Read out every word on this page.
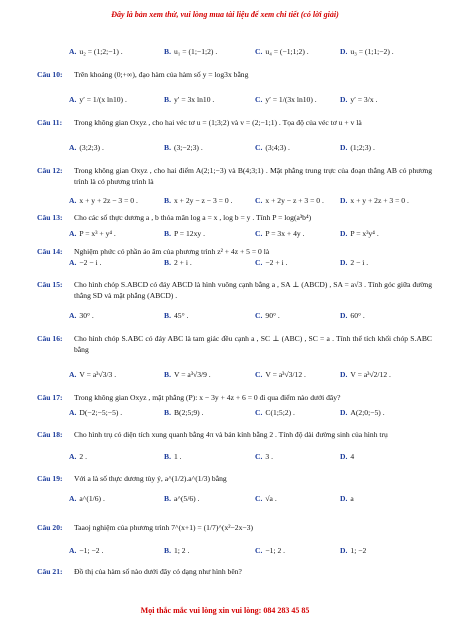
Đây là bản xem thử, vui lòng mua tài liệu để xem chi tiết (có lời giải)
A. u₂ = (1;2;−1) .	B. u₁ = (1;−1;2) .	C. u₄ = (−1;1;2) .	D. u₃ = (1;1;−2) .
Câu 10: Trên khoảng (0;+∞), đạo hàm của hàm số y = log3x bằng
A. y′ = 1/(x ln10) .	B. y′ = 3x ln10 .	C. y′ = 1/(3x ln10) .	D. y′ = 3/x .
Câu 11: Trong không gian Oxyz , cho hai véc tơ u = (1;3;2) và v = (2;−1;1) . Tọa độ của véc tơ u + v là
A. (3;2;3) .	B. (3;−2;3) .	C. (3;4;3) .	D. (1;2;3) .
Câu 12: Trong không gian Oxyz , cho hai điểm A(2;1;−3) và B(4;3;1) . Mặt phẳng trung trực của đoạn thẳng AB có phương trình là có phương trình là
A. x + y + 2z − 3 = 0 .	B. x + 2y − z − 3 = 0 .	C. x + 2y − z + 3 = 0 . D. x + y + 2z + 3 = 0 .
Câu 13: Cho các số thực dương a , b thỏa mãn log a = x , log b = y . Tính P = log(a³b⁴)
A. P = x³ + y⁴ .	B. P = 12xy .	C. P = 3x + 4y .	D. P = x³y⁴ .
Câu 14: Nghiệm phức có phần ảo âm của phương trình z² + 4z + 5 = 0 là
A. −2 − i .	B. 2 + i .	C. −2 + i .	D. 2 − i .
Câu 15: Cho hình chóp S.ABCD có đáy ABCD là hình vuông cạnh bằng a , SA ⊥ (ABCD) , SA = a√3 . Tính góc giữa đường thẳng SD và mặt phẳng (ABCD) .
A. 30° .	B. 45° .	C. 90° .	D. 60° .
Câu 16: Cho hình chóp S.ABC có đáy ABC là tam giác đều cạnh a , SC ⊥ (ABC) , SC = a . Tính thể tích khối chóp S.ABC bằng
A. V = a³√3/3 .	B. V = a³√3/9 .	C. V = a³√3/12 .	D. V = a³√2/12 .
Câu 17: Trong không gian Oxyz , mặt phẳng (P): x − 3y + 4z + 6 = 0 đi qua điểm nào dưới đây?
A. D(−2;−5;−5) .	B. B(2;5;9) .	C. C(1;5;2) .	D. A(2;0;−5) .
Câu 18: Cho hình trụ có diện tích xung quanh bằng 4π và bán kính bằng 2 . Tính độ dài đường sinh của hình trụ
A. 2 .	B. 1 .	C. 3 .	D. 4
Câu 19: Với a là số thực dương tùy ý, a^(1/2).a^(1/3) bằng
A. a^(1/6) .	B. a^(5/6) .	C. √a .	D. a
Câu 20: Taaoj nghiệm của phương trình 7^(x+1) = (1/7)^(x²−2x−3)
A. −1; −2 .	B. 1; 2 .	C. −1; 2 .	D. 1; −2
Câu 21: Đồ thị của hàm số nào dưới đây có dạng như hình bên?
Mọi thắc mắc vui lòng xin vui lòng: 084 283 45 85
